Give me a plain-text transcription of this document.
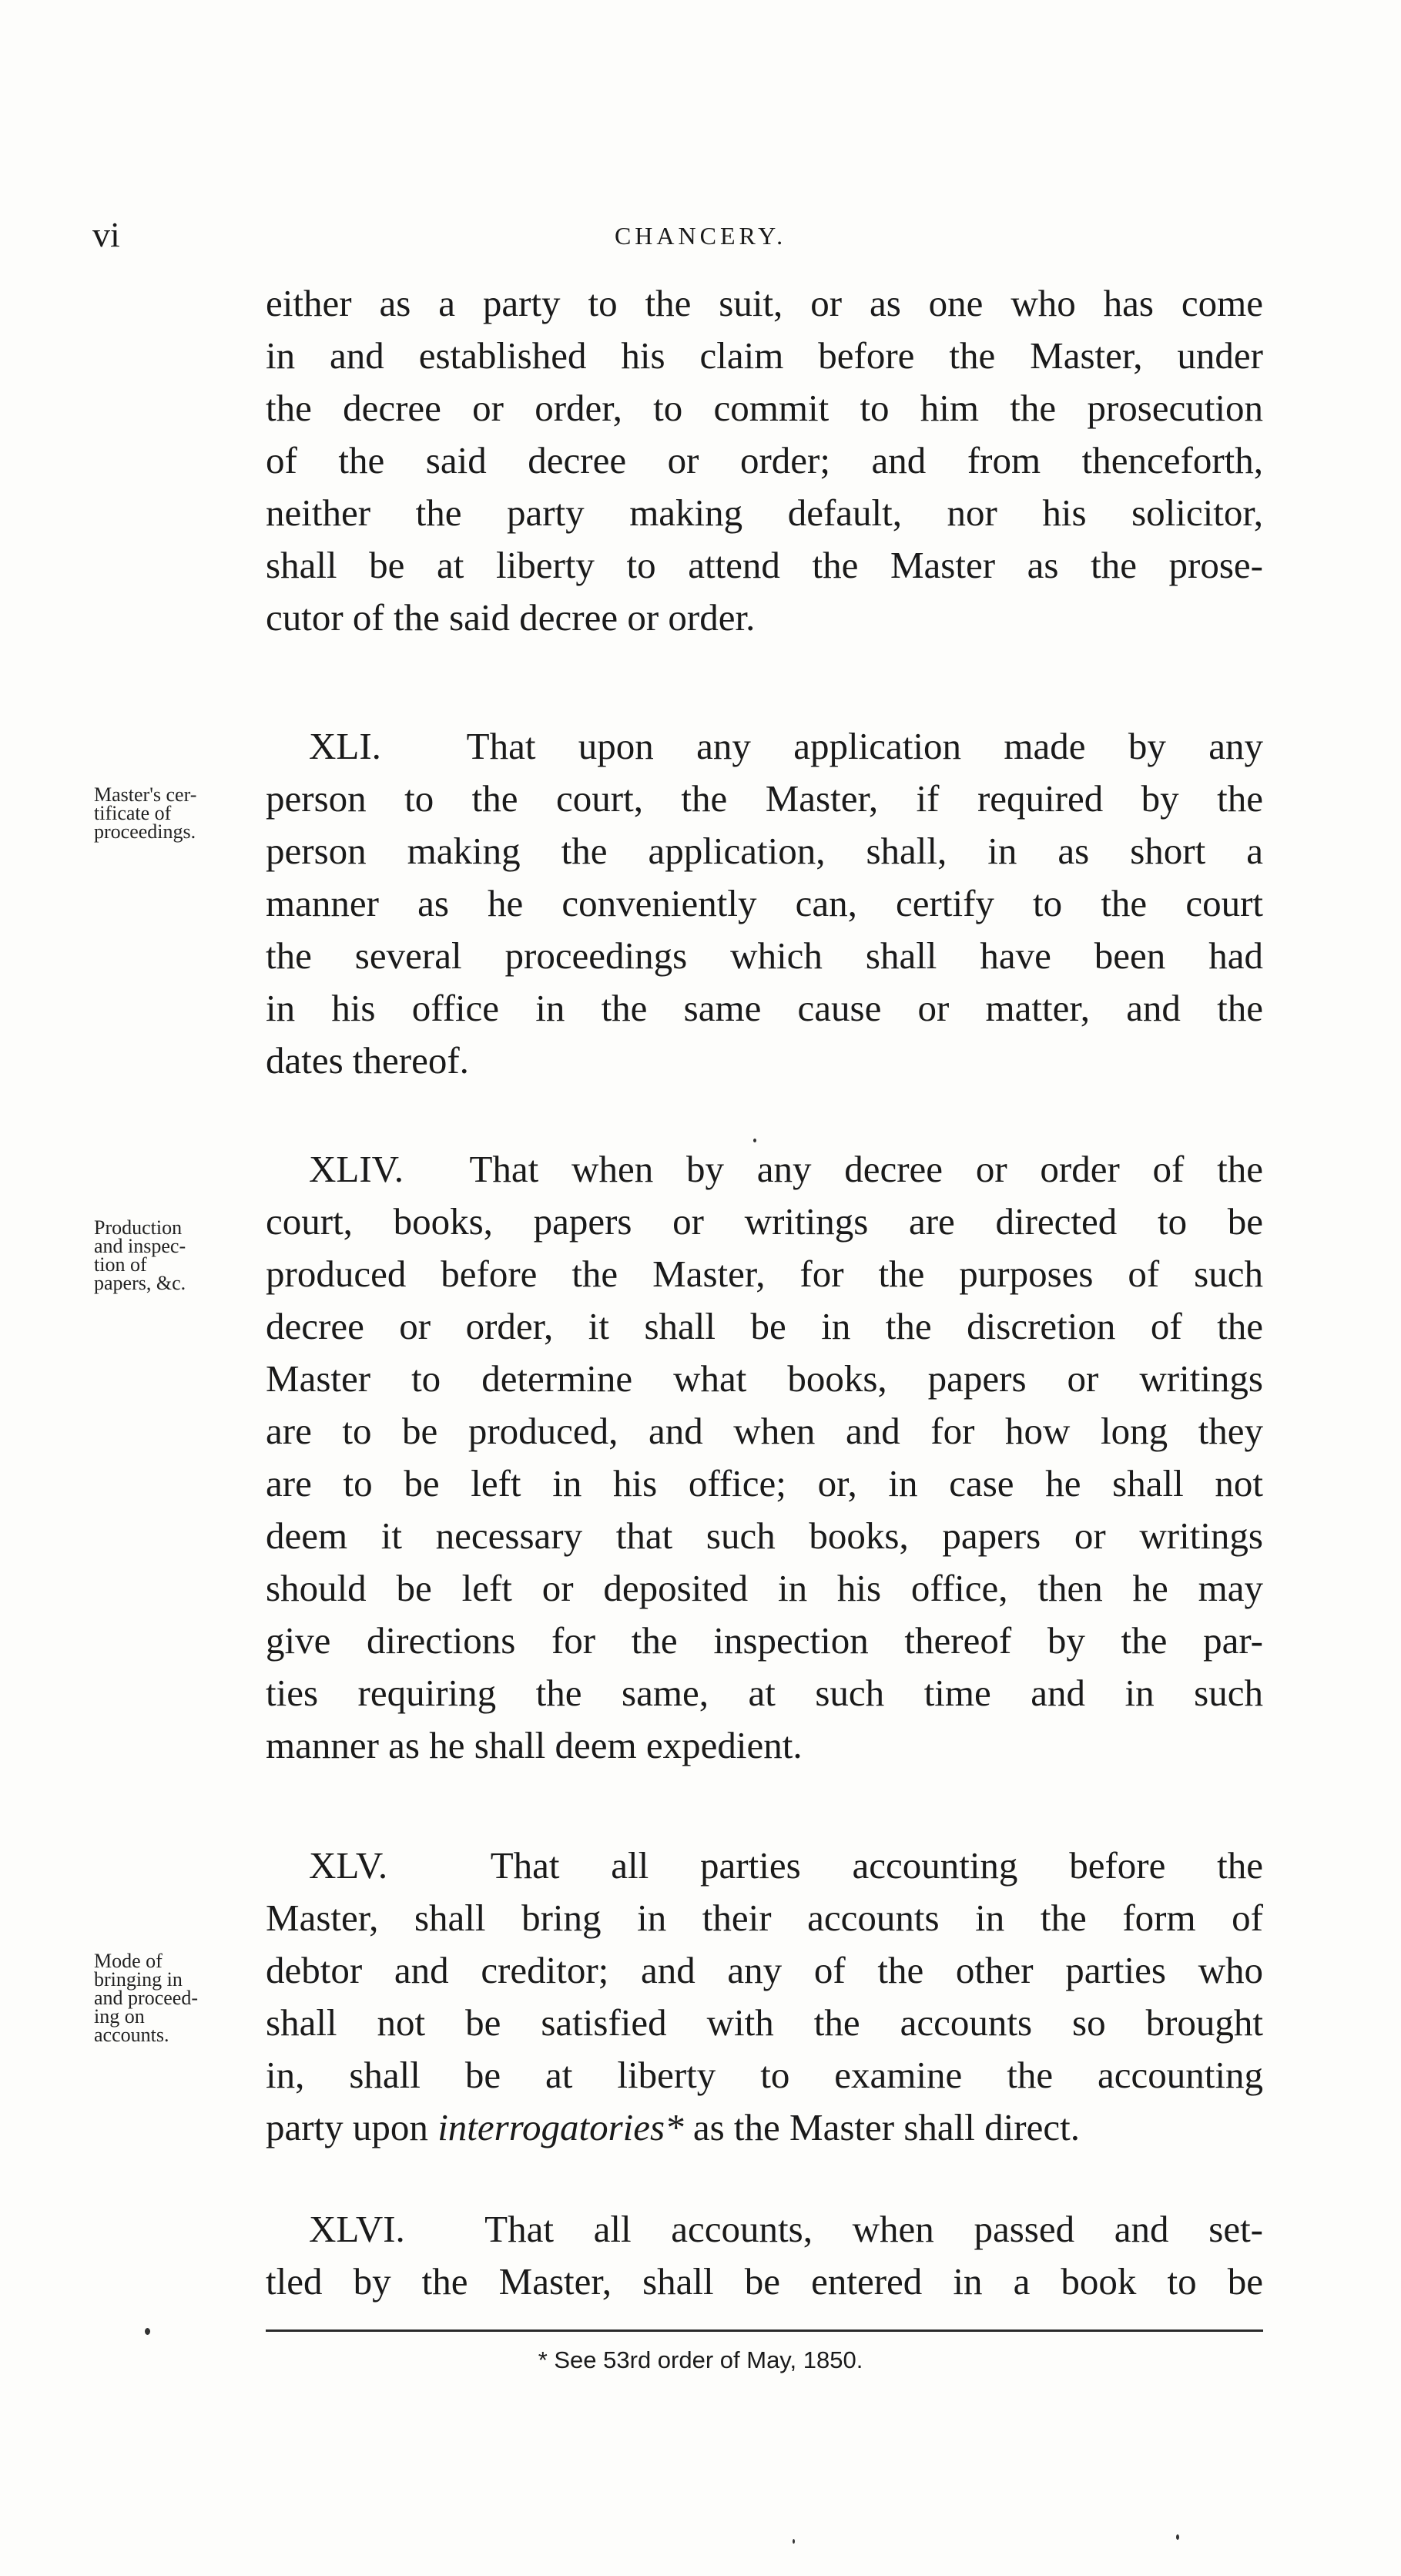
vi	CHANCERY.
either as a party to the suit, or as one who has come
in and established his claim before the Master, under
the decree or order, to commit to him the prosecution
of the said decree or order; and from thenceforth,
neither the party making default, nor his solicitor,
shall be at liberty to attend the Master as the prose-
cutor of the said decree or order.
XLI. That upon any application made by any
person to the court, the Master, if required by the
person making the application, shall, in as short a
manner as he conveniently can, certify to the court
the several proceedings which shall have been had
in his office in the same cause or matter, and the
dates thereof.
Master's cer-
tificate of
proceedings.
XLIV. That when by any decree or order of the
court, books, papers or writings are directed to be
produced before the Master, for the purposes of such
decree or order, it shall be in the discretion of the
Master to determine what books, papers or writings
are to be produced, and when and for how long they
are to be left in his office; or, in case he shall not
deem it necessary that such books, papers or writings
should be left or deposited in his office, then he may
give directions for the inspection thereof by the par-
ties requiring the same, at such time and in such
manner as he shall deem expedient.
Production
and inspec-
tion of
papers, &c.
XLV.	That all parties accounting before the
Master, shall bring in their accounts in the form of
debtor and creditor; and any of the other parties who
shall not be satisfied with the accounts so brought
in, shall be at liberty to examine the accounting
party upon interrogatories* as the Master shall direct.
Mode of
bringing in
and proceed-
ing on
accounts.
XLVI. That all accounts, when passed and set-
tled by the Master, shall be entered in a book to be
* See 53rd order of May, 1850.
